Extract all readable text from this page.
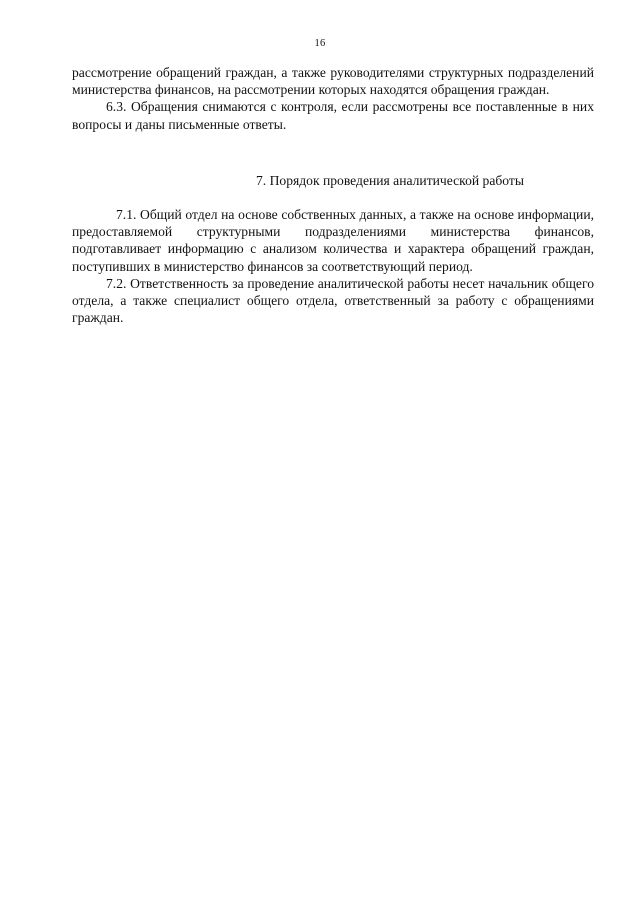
16

рассмотрение обращений граждан, а также руководителями структурных подразделений министерства финансов, на рассмотрении которых находятся обращения граждан.

6.3. Обращения снимаются с контроля, если рассмотрены все поставленные в них вопросы и даны письменные ответы.

7. Порядок проведения аналитической работы

7.1. Общий отдел на основе собственных данных, а также на основе информации, предоставляемой структурными подразделениями министерства финансов, подготавливает информацию с анализом количества и характера обращений граждан, поступивших в министерство финансов за соответствующий период.

7.2. Ответственность за проведение аналитической работы несет начальник общего отдела, а также специалист общего отдела, ответственный за работу с обращениями граждан.
